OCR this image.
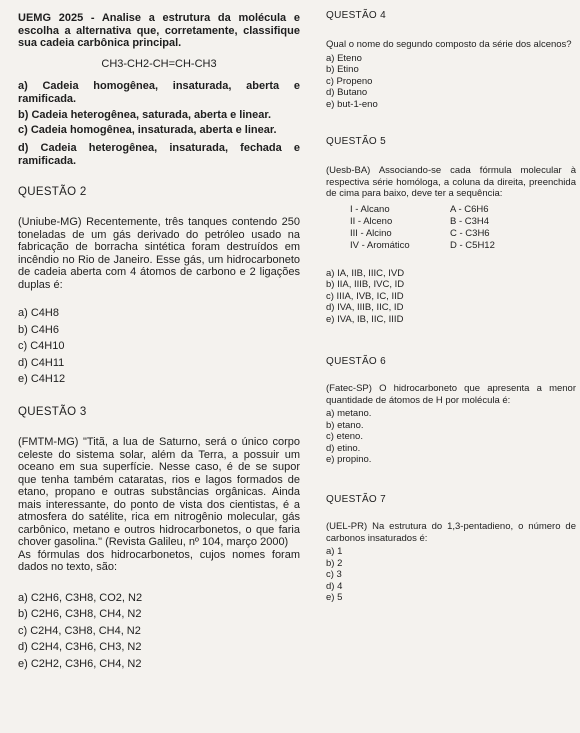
UEMG 2025 - Analise a estrutura da molécula e escolha a alternativa que, corretamente, classifique sua cadeia carbônica principal.

CH3-CH2-CH=CH-CH3

a) Cadeia homogênea, insaturada, aberta e ramificada.

b) Cadeia heterogênea, saturada, aberta e linear.

c) Cadeia homogênea, insaturada, aberta e linear.

d) Cadeia heterogênea, insaturada, fechada e ramificada.

QUESTÃO 2

(Uniube-MG) Recentemente, três tanques contendo 250 toneladas de um gás derivado do petróleo usado na fabricação de borracha sintética foram destruídos em incêndio no Rio de Janeiro. Esse gás, um hidrocarboneto de cadeia aberta com 4 átomos de carbono e 2 ligações duplas é:

a) C4H8

b) C4H6

c) C4H10

d) C4H11

e) C4H12

QUESTÃO 3

(FMTM-MG) "Titã, a lua de Saturno, será o único corpo celeste do sistema solar, além da Terra, a possuir um oceano em sua superfície. Nesse caso, é de se supor que tenha também cataratas, rios e lagos formados de etano, propano e outras substâncias orgânicas. Ainda mais interessante, do ponto de vista dos cientistas, é a atmosfera do satélite, rica em nitrogênio molecular, gás carbônico, metano e outros hidrocarbonetos, o que faria chover gasolina." (Revista Galileu, nº 104, março 2000)

As fórmulas dos hidrocarbonetos, cujos nomes foram dados no texto, são:

a) C2H6, C3H8, CO2, N2

b) C2H6, C3H8, CH4, N2

c) C2H4, C3H8, CH4, N2

d) C2H4, C3H6, CH3, N2

e) C2H2, C3H6, CH4, N2

QUESTÃO 4

Qual o nome do segundo composto da série dos alcenos?

a) Eteno

b) Etino

c) Propeno

d) Butano

e) but-1-eno

QUESTÃO 5

(Uesb-BA) Associando-se cada fórmula molecular à respectiva série homóloga, a coluna da direita, preenchida de cima para baixo, deve ter a sequência:

I - Alcano	A - C6H6
II - Alceno	B - C3H4
III - Alcino	C - C3H6
IV - Aromático	D - C5H12

a) IA, IIB, IIIC, IVD

b) IIA, IIIB, IVC, ID

c) IIIA, IVB, IC, IID

d) IVA, IIIB, IIC, ID

e) IVA, IB, IIC, IIID

QUESTÃO 6

(Fatec-SP) O hidrocarboneto que apresenta a menor quantidade de átomos de H por molécula é:

a) metano.

b) etano.

c) eteno.

d) etino.

e) propino.

QUESTÃO 7

(UEL-PR) Na estrutura do 1,3-pentadieno, o número de carbonos insaturados é:

a) 1

b) 2

c) 3

d) 4

e) 5
